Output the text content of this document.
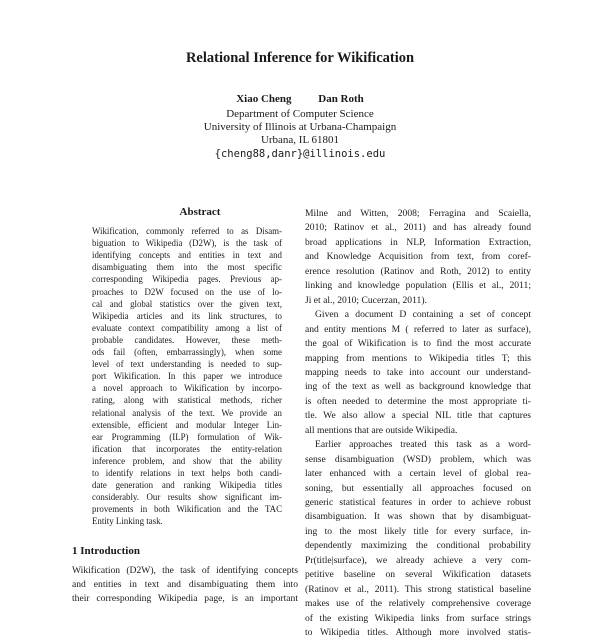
Relational Inference for Wikification
Xiao Cheng Dan Roth
Department of Computer Science
University of Illinois at Urbana-Champaign
Urbana, IL 61801
{cheng88,danr}@illinois.edu
Abstract
Wikification, commonly referred to as Disam-
biguation to Wikipedia (D2W), is the task of
identifying concepts and entities in text and
disambiguating them into the most specific
corresponding Wikipedia pages. Previous ap-
proaches to D2W focused on the use of lo-
cal and global statistics over the given text,
Wikipedia articles and its link structures, to
evaluate context compatibility among a list of
probable candidates. However, these meth-
ods fail (often, embarrassingly), when some
level of text understanding is needed to sup-
port Wikification. In this paper we introduce
a novel approach to Wikification by incorpo-
rating, along with statistical methods, richer
relational analysis of the text. We provide an
extensible, efficient and modular Integer Lin-
ear Programming (ILP) formulation of Wik-
ification that incorporates the entity-relation
inference problem, and show that the ability
to identify relations in text helps both candi-
date generation and ranking Wikipedia titles
considerably. Our results show significant im-
provements in both Wikification and the TAC
Entity Linking task.
1 Introduction
Wikification (D2W), the task of identifying concepts
and entities in text and disambiguating them into
their corresponding Wikipedia page, is an important
Milne and Witten, 2008; Ferragina and Scaiella,
2010; Ratinov et al., 2011) and has already found
broad applications in NLP, Information Extraction,
and Knowledge Acquisition from text, from coref-
erence resolution (Ratinov and Roth, 2012) to entity
linking and knowledge population (Ellis et al., 2011;
Ji et al., 2010; Cucerzan, 2011).
Given a document D containing a set of concept
and entity mentions M ( referred to later as surface),
the goal of Wikification is to find the most accurate
mapping from mentions to Wikipedia titles T; this
mapping needs to take into account our understand-
ing of the text as well as background knowledge that
is often needed to determine the most appropriate ti-
tle. We also allow a special NIL title that captures
all mentions that are outside Wikipedia.
Earlier approaches treated this task as a word-
sense disambiguation (WSD) problem, which was
later enhanced with a certain level of global rea-
soning, but essentially all approaches focused on
generic statistical features in order to achieve robust
disambiguation. It was shown that by disambiguat-
ing to the most likely title for every surface, in-
dependently maximizing the conditional probability
Pr(title|surface), we already achieve a very com-
petitive baseline on several Wikification datasets
(Ratinov et al., 2011). This strong statistical baseline
makes use of the relatively comprehensive coverage
of the existing Wikipedia links from surface strings
to Wikipedia titles. Although more involved statis-
